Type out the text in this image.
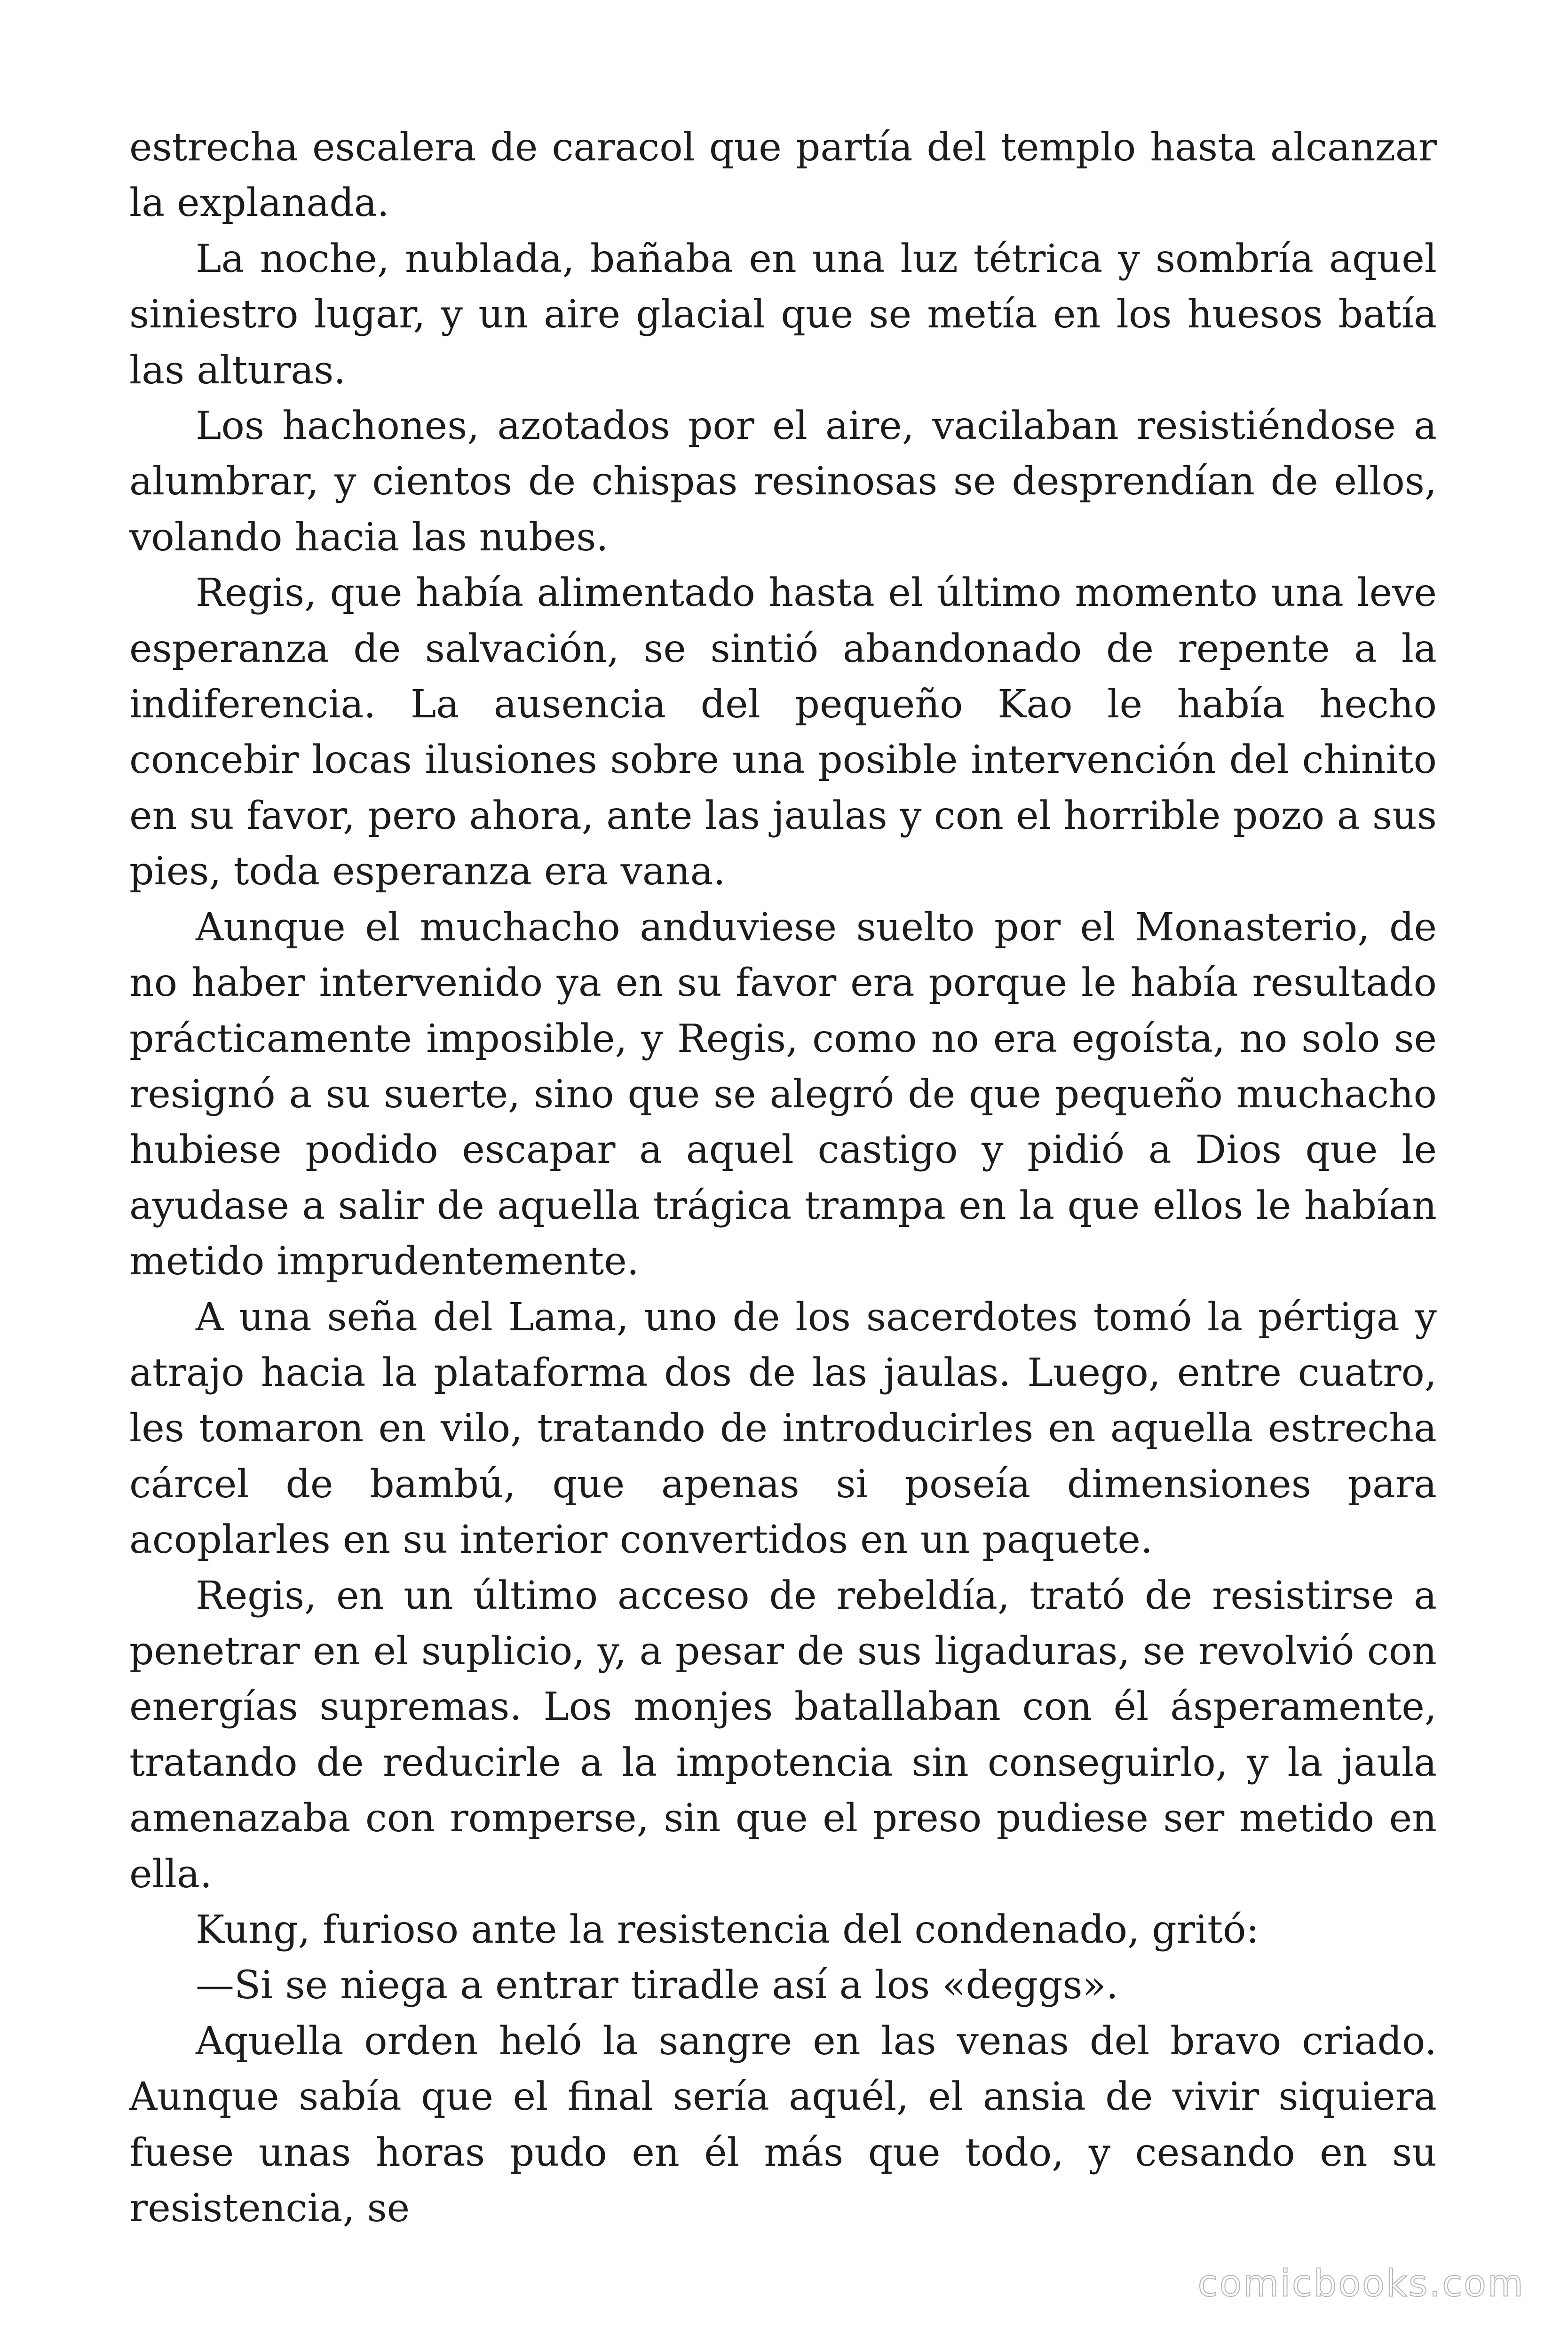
estrecha escalera de caracol que partía del templo hasta alcanzar la explanada.

La noche, nublada, bañaba en una luz tétrica y sombría aquel siniestro lugar, y un aire glacial que se metía en los huesos batía las alturas.

Los hachones, azotados por el aire, vacilaban resistiéndose a alumbrar, y cientos de chispas resinosas se desprendían de ellos, volando hacia las nubes.

Regis, que había alimentado hasta el último momento una leve esperanza de salvación, se sintió abandonado de repente a la indiferencia. La ausencia del pequeño Kao le había hecho concebir locas ilusiones sobre una posible intervención del chinito en su favor, pero ahora, ante las jaulas y con el horrible pozo a sus pies, toda esperanza era vana.

Aunque el muchacho anduviese suelto por el Monasterio, de no haber intervenido ya en su favor era porque le había resultado prácticamente imposible, y Regis, como no era egoísta, no solo se resignó a su suerte, sino que se alegró de que pequeño muchacho hubiese podido escapar a aquel castigo y pidió a Dios que le ayudase a salir de aquella trágica trampa en la que ellos le habían metido imprudentemente.

A una seña del Lama, uno de los sacerdotes tomó la pértiga y atrajo hacia la plataforma dos de las jaulas. Luego, entre cuatro, les tomaron en vilo, tratando de introducirles en aquella estrecha cárcel de bambú, que apenas si poseía dimensiones para acoplarles en su interior convertidos en un paquete.

Regis, en un último acceso de rebeldía, trató de resistirse a penetrar en el suplicio, y, a pesar de sus ligaduras, se revolvió con energías supremas. Los monjes batallaban con él ásperamente, tratando de reducirle a la impotencia sin conseguirlo, y la jaula amenazaba con romperse, sin que el preso pudiese ser metido en ella.

Kung, furioso ante la resistencia del condenado, gritó:

—Si se niega a entrar tiradle así a los «deggs».

Aquella orden heló la sangre en las venas del bravo criado. Aunque sabía que el final sería aquél, el ansia de vivir siquiera fuese unas horas pudo en él más que todo, y cesando en su resistencia, se

comicbooks.com
